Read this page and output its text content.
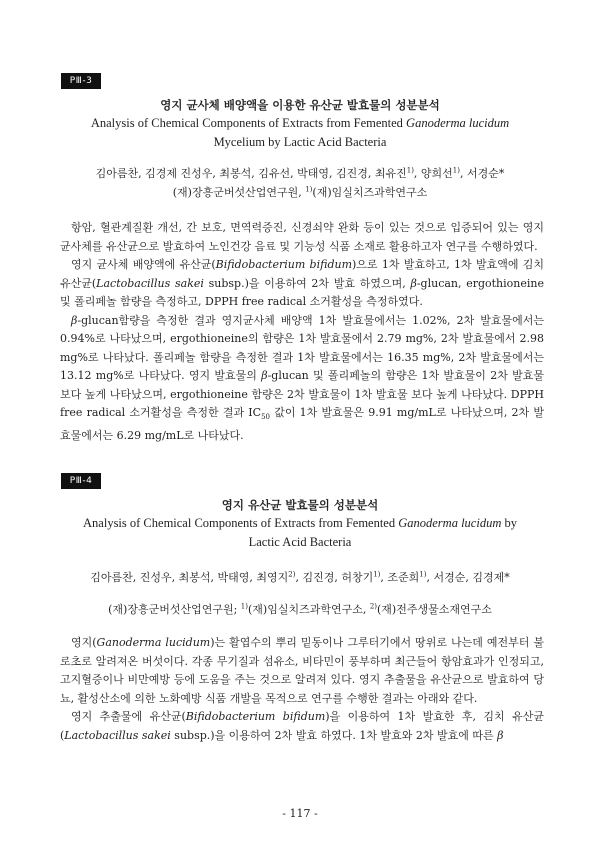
PⅢ-3
영지 균사체 배양액을 이용한 유산균 발효물의 성분분석
Analysis of Chemical Components of Extracts from Femented Ganoderma lucidum
Mycelium by Lactic Acid Bacteria
김아름찬, 김경제 진성우, 최봉석, 김유선, 박태영, 김진경, 최유진$^{1)}$, 양희선$^{1)}$, 서경순*
(재)장흥군버섯산업연구원, $^{1)}$(재)임실치즈과학연구소

항암, 혈관계질환 개선, 간 보호, 면역력증진, 신경쇠약 완화 등이 있는 것으로 입증되어 있는 영지 균사체를 유산균으로 발효하여 노인건강 음료 및 기능성 식품 소재로 활용하고자 연구를 수행하였다.

영지 균사체 배양액에 유산균(Bifidobacterium bifidum)으로 1차 발효하고, 1차 발효액에 김치 유산균(Lactobacillus sakei subsp.)을 이용하여 2차 발효 하였으며, β-glucan, ergothioneine 및 폴리페놀 함량을 측정하고, DPPH free radical 소거활성을 측정하였다.

β-glucan함량을 측정한 결과 영지균사체 배양액 1차 발효물에서는 1.02%, 2차 발효물에서는 0.94%로 나타났으며, ergothioneine의 함량은 1차 발효물에서 2.79 mg%, 2차 발효물에서 2.98 mg%로 나타났다. 폴리페놀 함량을 측정한 결과 1차 발효물에서는 16.35 mg%, 2차 발효물에서는 13.12 mg%로 나타났다. 영지 발효물의 β-glucan 및 폴리페놀의 함량은 1차 발효물이 2차 발효물 보다 높게 나타났으며, ergothioneine 함량은 2차 발효물이 1차 발효물 보다 높게 나타났다. DPPH free radical 소거활성을 측정한 결과 $IC_{50}$ 값이 1차 발효물은 9.91 mg/mL로 나타났으며, 2차 발효물에서는 6.29 mg/mL로 나타났다.

PⅢ-4
영지 유산균 발효물의 성분분석
Analysis of Chemical Components of Extracts from Femented Ganoderma lucidum by
Lactic Acid Bacteria
김아름찬, 진성우, 최봉석, 박태영, 최영지$^{2)}$, 김진경, 허창기$^{1)}$, 조준희$^{1)}$, 서경순, 김경제*
(재)장흥군버섯산업연구원; $^{1)}$(재)임실치즈과학연구소, $^{2)}$(재)전주생물소재연구소

영지(Ganoderma lucidum)는 활엽수의 뿌리 밑동이나 그루터기에서 땅위로 나는데 예전부터 불로초로 알려져온 버섯이다. 각종 무기질과 섬유소, 비타민이 풍부하며 최근들어 항암효과가 인정되고, 고지혈증이나 비만예방 등에 도움을 주는 것으로 알려져 있다. 영지 추출물을 유산균으로 발효하여 당뇨, 활성산소에 의한 노화예방 식품 개발을 목적으로 연구를 수행한 결과는 아래와 같다.

영지 추출물에 유산균(Bifidobacterium bifidum)을 이용하여 1차 발효한 후, 김치 유산균(Lactobacillus sakei subsp.)을 이용하여 2차 발효 하였다. 1차 발효와 2차 발효에 따른 β

- 117 -
